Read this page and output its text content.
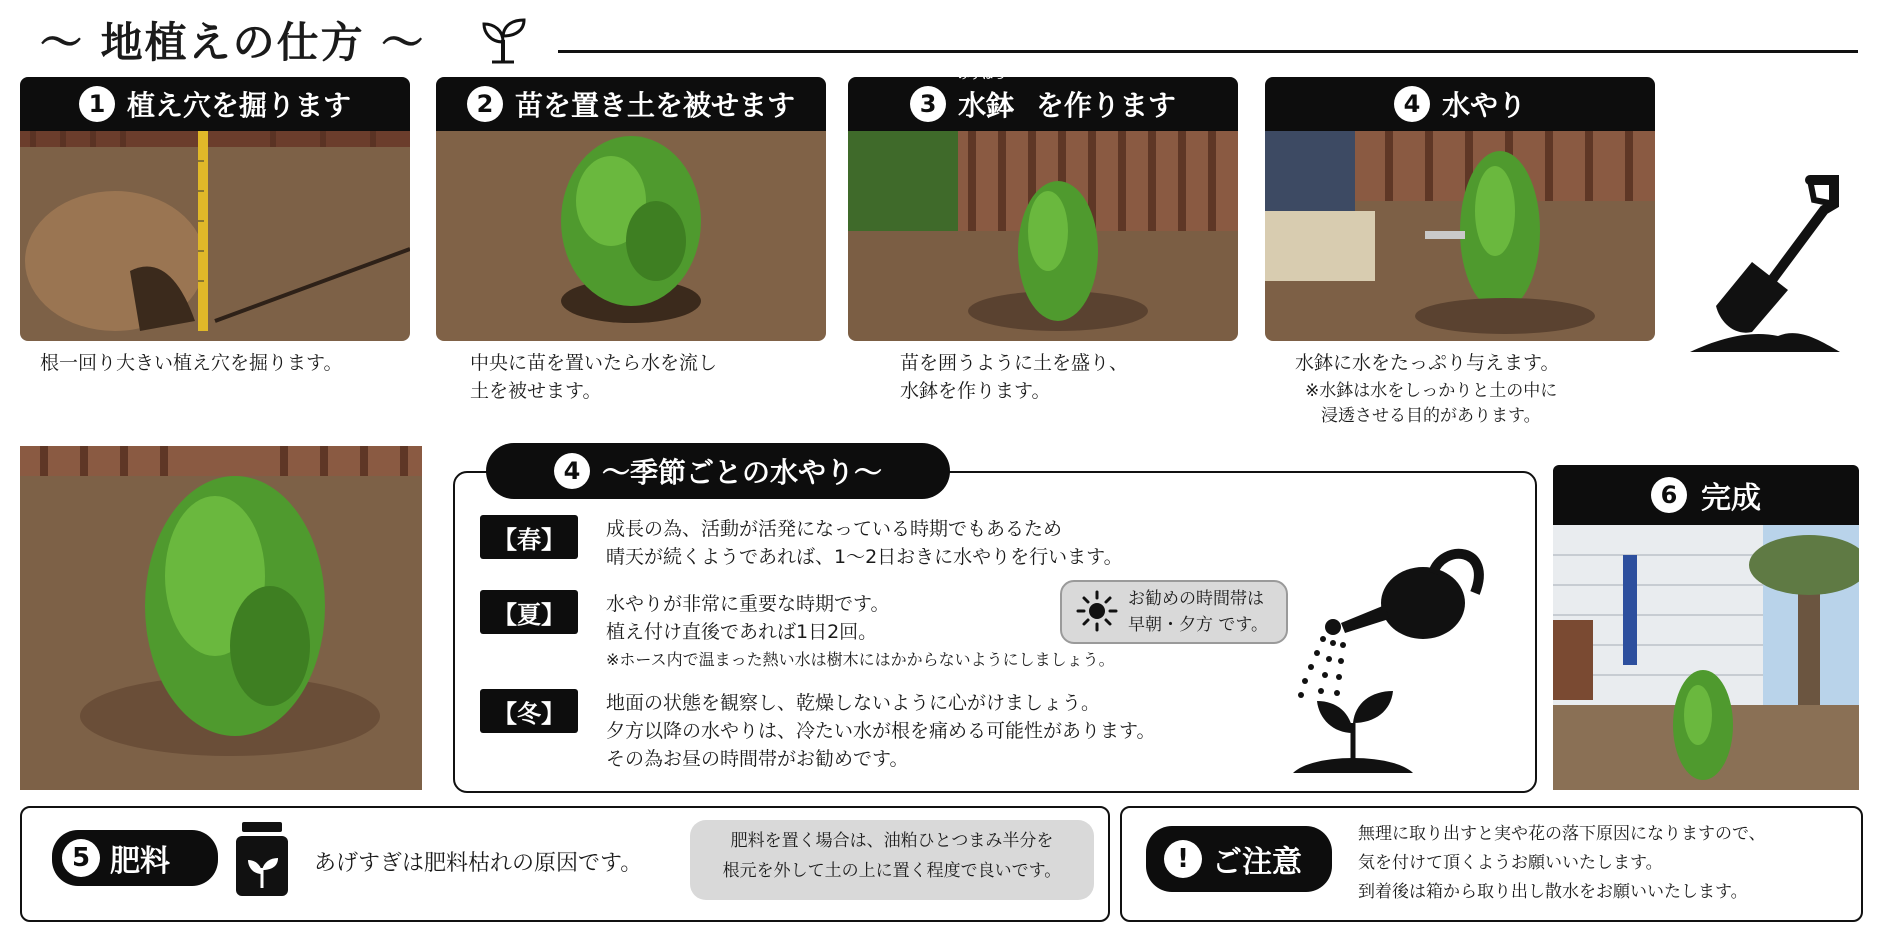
〜 地植えの仕方 〜
1 植え穴を掘ります
根一回り大きい植え穴を掘ります。
2 苗を置き土を被せます
中央に苗を置いたら水を流し
土を被せます。
3
みずばち
水鉢 を作ります
苗を囲うように土を盛り、
水鉢を作ります。
4 水やり
水鉢に水をたっぷり与えます。
※水鉢は水をしっかりと土の中に
浸透させる目的があります。
【春】	成長の為、活動が活発になっている時期でもあるため
晴天が続くようであれば、1〜2日おきに水やりを行います。
【夏】	水やりが非常に重要な時期です。
植え付け直後であれば1日2回。
※ホース内で温まった熱い水は樹木にはかからないようにしましょう。
【冬】	地面の状態を観察し、乾燥しないように心がけましょう。
夕方以降の水やりは、冷たい水が根を痛める可能性があります。
その為お昼の時間帯がお勧めです。
4 〜季節ごとの水やり〜
お勧めの時間帯は
早朝・夕方 です。
6 完成
5 肥料	あげすぎは肥料枯れの原因です。
肥料を置く場合は、油粕ひとつまみ半分を
根元を外して土の上に置く程度で良いです。	! ご注意
無理に取り出すと実や花の落下原因になりますので、
気を付けて頂くようお願いいたします。
到着後は箱から取り出し散水をお願いいたします。
